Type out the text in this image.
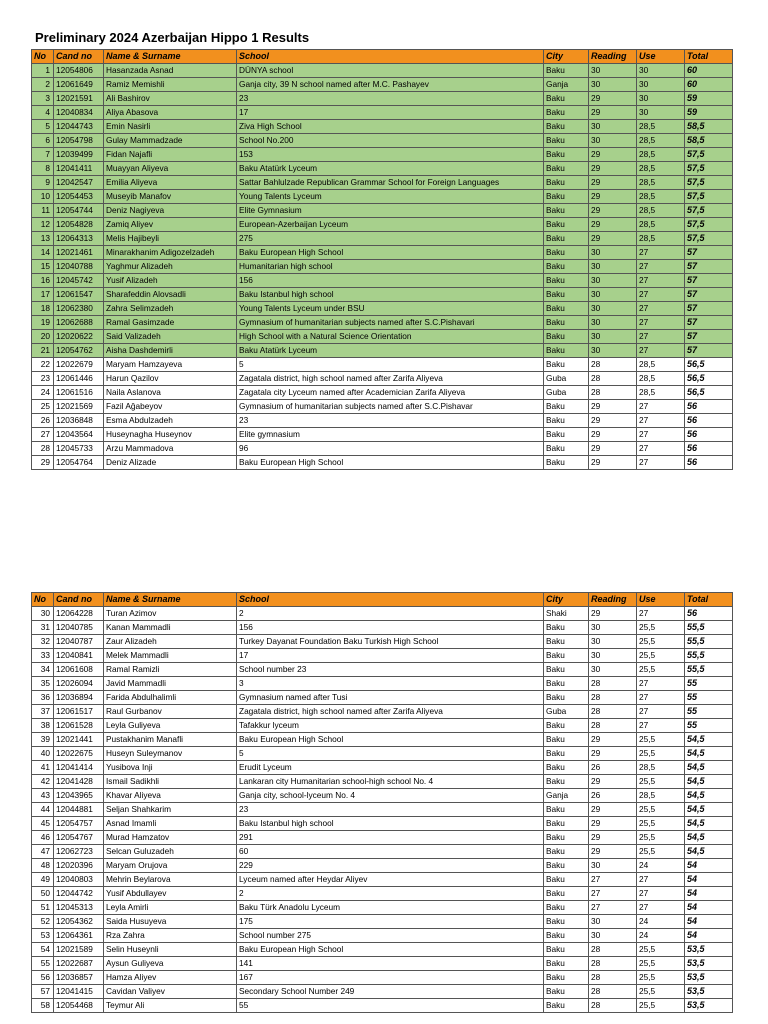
Preliminary 2024 Azerbaijan Hippo 1 Results
No	Cand no	Name & Surname	School	City	Reading	Use	Total
1	12054806	Hasanzada Asnad	DÜNYA school	Baku	30	30	60
2	12061649	Ramiz Memishli	Ganja city, 39 N school named after M.C. Pashayev	Ganja	30	30	60
3	12021591	Ali Bashirov	23	Baku	29	30	59
4	12040834	Aliya Abasova	17	Baku	29	30	59
5	12044743	Emin Nasirli	Ziva High School	Baku	30	28,5	58,5
6	12054798	Gulay Mammadzade	School No.200	Baku	30	28,5	58,5
7	12039499	Fidan Najafli	153	Baku	29	28,5	57,5
8	12041411	Muayyan Aliyeva	Baku Atatürk Lyceum	Baku	29	28,5	57,5
9	12042547	Emilia Aliyeva	Sattar Bahlulzade Republican Grammar School for Foreign Languages	Baku	29	28,5	57,5
10	12054453	Museyib Manafov	Young Talents Lyceum	Baku	29	28,5	57,5
11	12054744	Deniz Nagiyeva	Elite Gymnasium	Baku	29	28,5	57,5
12	12054828	Zamiq Aliyev	European-Azerbaijan Lyceum	Baku	29	28,5	57,5
13	12064313	Melis Hajibeyli	275	Baku	29	28,5	57,5
14	12021461	Minarakhanim Adigozelzadeh	Baku European High School	Baku	30	27	57
15	12040788	Yaghmur Alizadeh	Humanitarian high school	Baku	30	27	57
16	12045742	Yusif Alizadeh	156	Baku	30	27	57
17	12061547	Sharafeddin Alovsadli	Baku Istanbul high school	Baku	30	27	57
18	12062380	Zahra Selimzadeh	Young Talents Lyceum under BSU	Baku	30	27	57
19	12062688	Ramal Gasimzade	Gymnasium of humanitarian subjects named after S.C.Pishavari	Baku	30	27	57
20	12020622	Said Valizadeh	High School with a Natural Science Orientation	Baku	30	27	57
21	12054762	Aisha Dashdemirli	Baku Atatürk Lyceum	Baku	30	27	57
22	12022679	Maryam Hamzayeva	5	Baku	28	28,5	56,5
23	12061446	Harun Qazilov	Zagatala district, high school named after Zarifa Aliyeva	Guba	28	28,5	56,5
24	12061516	Naila Aslanova	Zagatala city Lyceum named after Academician Zarifa Aliyeva	Guba	28	28,5	56,5
25	12021569	Fazil Ağabeyov	Gymnasium of humanitarian subjects named after S.C.Pishavar	Baku	29	27	56
26	12036848	Esma Abdulzadeh	23	Baku	29	27	56
27	12043564	Huseynagha Huseynov	Elite gymnasium	Baku	29	27	56
28	12045733	Arzu Mammadova	96	Baku	29	27	56
29	12054764	Deniz Alizade	Baku European High School	Baku	29	27	56
No	Cand no	Name & Surname	School	City	Reading	Use	Total
30	12064228	Turan Azimov	2	Shaki	29	27	56
31	12040785	Kanan Mammadli	156	Baku	30	25,5	55,5
32	12040787	Zaur Alizadeh	Turkey Dayanat Foundation Baku Turkish High School	Baku	30	25,5	55,5
33	12040841	Melek Mammadli	17	Baku	30	25,5	55,5
34	12061608	Ramal Ramizli	School number 23	Baku	30	25,5	55,5
35	12026094	Javid Mammadli	3	Baku	28	27	55
36	12036894	Farida Abdulhalimli	Gymnasium named after Tusi	Baku	28	27	55
37	12061517	Raul Gurbanov	Zagatala district, high school named after Zarifa Aliyeva	Guba	28	27	55
38	12061528	Leyla Guliyeva	Tafakkur lyceum	Baku	28	27	55
39	12021441	Pustakhanim Manafli	Baku European High School	Baku	29	25,5	54,5
40	12022675	Huseyn Suleymanov	5	Baku	29	25,5	54,5
41	12041414	Yusibova Inji	Erudit Lyceum	Baku	26	28,5	54,5
42	12041428	Ismail Sadikhli	Lankaran city Humanitarian school-high school No. 4	Baku	29	25,5	54,5
43	12043965	Khavar Aliyeva	Ganja city, school-lyceum No. 4	Ganja	26	28,5	54,5
44	12044881	Seljan Shahkarim	23	Baku	29	25,5	54,5
45	12054757	Asnad Imamli	Baku Istanbul high school	Baku	29	25,5	54,5
46	12054767	Murad Hamzatov	291	Baku	29	25,5	54,5
47	12062723	Selcan Guluzadeh	60	Baku	29	25,5	54,5
48	12020396	Maryam Orujova	229	Baku	30	24	54
49	12040803	Mehrin Beylarova	Lyceum named after Heydar Aliyev	Baku	27	27	54
50	12044742	Yusif Abdullayev	2	Baku	27	27	54
51	12045313	Leyla Amirli	Baku Türk Anadolu Lyceum	Baku	27	27	54
52	12054362	Saida Husuyeva	175	Baku	30	24	54
53	12064361	Rza Zahra	School number 275	Baku	30	24	54
54	12021589	Selin Huseynli	Baku European High School	Baku	28	25,5	53,5
55	12022687	Aysun Guliyeva	141	Baku	28	25,5	53,5
56	12036857	Hamza Aliyev	167	Baku	28	25,5	53,5
57	12041415	Cavidan Valiyev	Secondary School Number 249	Baku	28	25,5	53,5
58	12054468	Teymur Ali	55	Baku	28	25,5	53,5
